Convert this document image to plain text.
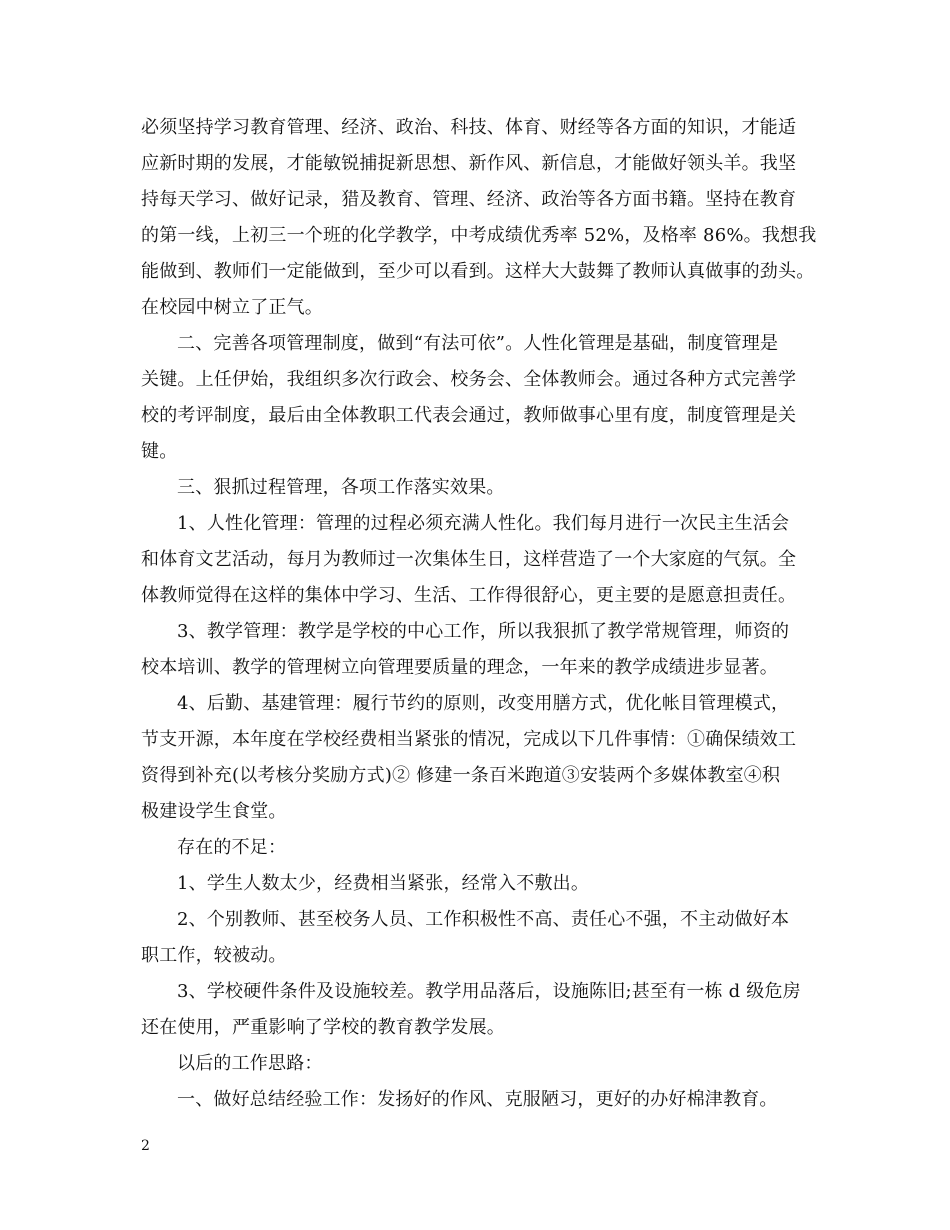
必须坚持学习教育管理、经济、政治、科技、体育、财经等各方面的知识，才能适
应新时期的发展，才能敏锐捕捉新思想、新作风、新信息，才能做好领头羊。我坚
持每天学习、做好记录，猎及教育、管理、经济、政治等各方面书籍。坚持在教育
的第一线，上初三一个班的化学教学，中考成绩优秀率 52%，及格率 86%。我想我
能做到、教师们一定能做到，至少可以看到。这样大大鼓舞了教师认真做事的劲头。
在校园中树立了正气。
二、完善各项管理制度，做到“有法可依”。人性化管理是基础，制度管理是
关键。上任伊始，我组织多次行政会、校务会、全体教师会。通过各种方式完善学
校的考评制度，最后由全体教职工代表会通过，教师做事心里有度，制度管理是关
键。
三、狠抓过程管理，各项工作落实效果。
1、人性化管理：管理的过程必须充满人性化。我们每月进行一次民主生活会
和体育文艺活动，每月为教师过一次集体生日，这样营造了一个大家庭的气氛。全
体教师觉得在这样的集体中学习、生活、工作得很舒心，更主要的是愿意担责任。
3、教学管理：教学是学校的中心工作，所以我狠抓了教学常规管理，师资的
校本培训、教学的管理树立向管理要质量的理念，一年来的教学成绩进步显著。
4、后勤、基建管理：履行节约的原则，改变用膳方式，优化帐目管理模式，
节支开源，本年度在学校经费相当紧张的情况，完成以下几件事情：①确保绩效工
资得到补充(以考核分奖励方式)② 修建一条百米跑道③安装两个多媒体教室④积
极建设学生食堂。
存在的不足：
1、学生人数太少，经费相当紧张，经常入不敷出。
2、个别教师、甚至校务人员、工作积极性不高、责任心不强，不主动做好本
职工作，较被动。
3、学校硬件条件及设施较差。教学用品落后，设施陈旧;甚至有一栋 d 级危房
还在使用，严重影响了学校的教育教学发展。
以后的工作思路：
一、做好总结经验工作：发扬好的作风、克服陋习，更好的办好棉津教育。
2
